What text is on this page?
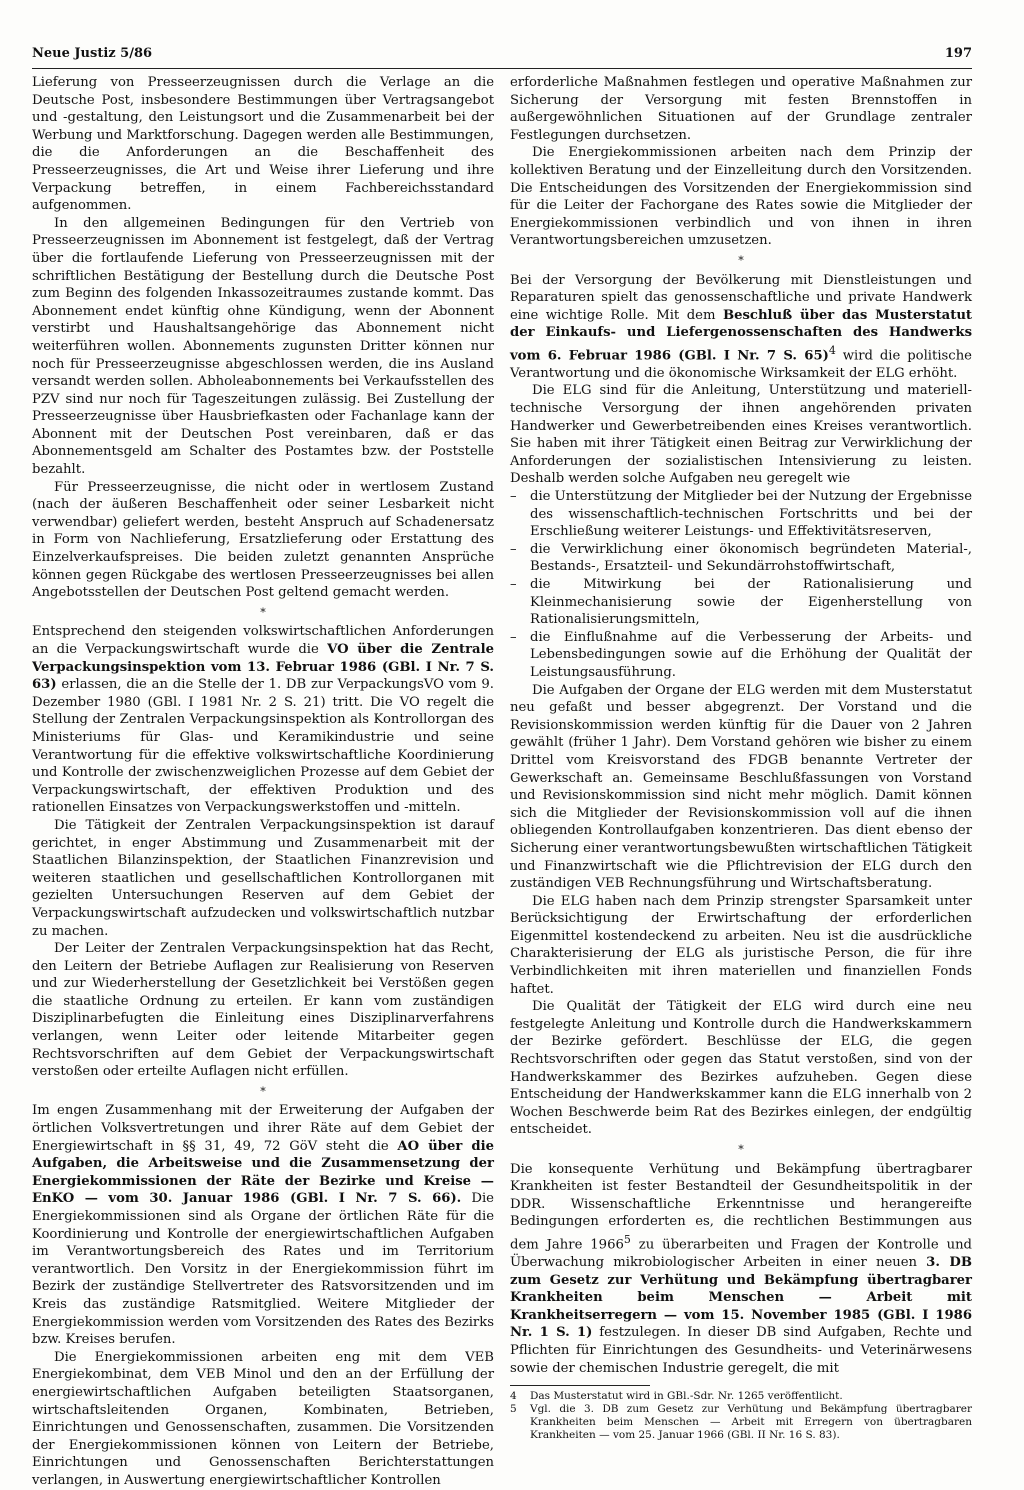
Neue Justiz 5/86	197

Lieferung von Presseerzeugnissen durch die Verlage an die Deutsche Post, insbesondere Bestimmungen über Vertragsangebot und -gestaltung, den Leistungsort und die Zusammenarbeit bei der Werbung und Marktforschung. Dagegen werden alle Bestimmungen, die die Anforderungen an die Beschaffenheit des Presseerzeugnisses, die Art und Weise ihrer Lieferung und ihre Verpackung betreffen, in einem Fachbereichsstandard aufgenommen.

In den allgemeinen Bedingungen für den Vertrieb von Presseerzeugnissen im Abonnement ist festgelegt, daß der Vertrag über die fortlaufende Lieferung von Presseerzeugnissen mit der schriftlichen Bestätigung der Bestellung durch die Deutsche Post zum Beginn des folgenden Inkassozeitraumes zustande kommt. Das Abonnement endet künftig ohne Kündigung, wenn der Abonnent verstirbt und Haushaltsangehörige das Abonnement nicht weiterführen wollen. Abonnements zugunsten Dritter können nur noch für Presseerzeugnisse abgeschlossen werden, die ins Ausland versandt werden sollen. Abholeabonnements bei Verkaufsstellen des PZV sind nur noch für Tageszeitungen zulässig. Bei Zustellung der Presseerzeugnisse über Hausbriefkasten oder Fachanlage kann der Abonnent mit der Deutschen Post vereinbaren, daß er das Abonnementsgeld am Schalter des Postamtes bzw. der Poststelle bezahlt.

Für Presseerzeugnisse, die nicht oder in wertlosem Zustand (nach der äußeren Beschaffenheit oder seiner Lesbarkeit nicht verwendbar) geliefert werden, besteht Anspruch auf Schadenersatz in Form von Nachlieferung, Ersatzlieferung oder Erstattung des Einzelverkaufspreises. Die beiden zuletzt genannten Ansprüche können gegen Rückgabe des wertlosen Presseerzeugnisses bei allen Angebotsstellen der Deutschen Post geltend gemacht werden.

*

Entsprechend den steigenden volkswirtschaftlichen Anforderungen an die Verpackungswirtschaft wurde die VO über die Zentrale Verpackungsinspektion vom 13. Februar 1986 (GBl. I Nr. 7 S. 63) erlassen, die an die Stelle der 1. DB zur VerpackungsVO vom 9. Dezember 1980 (GBl. I 1981 Nr. 2 S. 21) tritt. Die VO regelt die Stellung der Zentralen Verpackungsinspektion als Kontrollorgan des Ministeriums für Glas- und Keramikindustrie und seine Verantwortung für die effektive volkswirtschaftliche Koordinierung und Kontrolle der zwischenzweiglichen Prozesse auf dem Gebiet der Verpackungswirtschaft, der effektiven Produktion und des rationellen Einsatzes von Verpackungswerkstoffen und -mitteln.

Die Tätigkeit der Zentralen Verpackungsinspektion ist darauf gerichtet, in enger Abstimmung und Zusammenarbeit mit der Staatlichen Bilanzinspektion, der Staatlichen Finanzrevision und weiteren staatlichen und gesellschaftlichen Kontrollorganen mit gezielten Untersuchungen Reserven auf dem Gebiet der Verpackungswirtschaft aufzudecken und volkswirtschaftlich nutzbar zu machen.

Der Leiter der Zentralen Verpackungsinspektion hat das Recht, den Leitern der Betriebe Auflagen zur Realisierung von Reserven und zur Wiederherstellung der Gesetzlichkeit bei Verstößen gegen die staatliche Ordnung zu erteilen. Er kann vom zuständigen Disziplinarbefugten die Einleitung eines Disziplinarverfahrens verlangen, wenn Leiter oder leitende Mitarbeiter gegen Rechtsvorschriften auf dem Gebiet der Verpackungswirtschaft verstoßen oder erteilte Auflagen nicht erfüllen.

*

Im engen Zusammenhang mit der Erweiterung der Aufgaben der örtlichen Volksvertretungen und ihrer Räte auf dem Gebiet der Energiewirtschaft in §§ 31, 49, 72 GöV steht die AO über die Aufgaben, die Arbeitsweise und die Zusammensetzung der Energiekommissionen der Räte der Bezirke und Kreise — EnKO — vom 30. Januar 1986 (GBl. I Nr. 7 S. 66). Die Energiekommissionen sind als Organe der örtlichen Räte für die Koordinierung und Kontrolle der energiewirtschaftlichen Aufgaben im Verantwortungsbereich des Rates und im Territorium verantwortlich. Den Vorsitz in der Energiekommission führt im Bezirk der zuständige Stellvertreter des Ratsvorsitzenden und im Kreis das zuständige Ratsmitglied. Weitere Mitglieder der Energiekommission werden vom Vorsitzenden des Rates des Bezirks bzw. Kreises berufen.

Die Energiekommissionen arbeiten eng mit dem VEB Energiekombinat, dem VEB Minol und den an der Erfüllung der energiewirtschaftlichen Aufgaben beteiligten Staatsorganen, wirtschaftsleitenden Organen, Kombinaten, Betrieben, Einrichtungen und Genossenschaften, zusammen. Die Vorsitzenden der Energiekommissionen können von Leitern der Betriebe, Einrichtungen und Genossenschaften Berichterstattungen verlangen, in Auswertung energiewirtschaftlicher Kontrollen

erforderliche Maßnahmen festlegen und operative Maßnahmen zur Sicherung der Versorgung mit festen Brennstoffen in außergewöhnlichen Situationen auf der Grundlage zentraler Festlegungen durchsetzen.

Die Energiekommissionen arbeiten nach dem Prinzip der kollektiven Beratung und der Einzelleitung durch den Vorsitzenden. Die Entscheidungen des Vorsitzenden der Energiekommission sind für die Leiter der Fachorgane des Rates sowie die Mitglieder der Energiekommissionen verbindlich und von ihnen in ihren Verantwortungsbereichen umzusetzen.

*

Bei der Versorgung der Bevölkerung mit Dienstleistungen und Reparaturen spielt das genossenschaftliche und private Handwerk eine wichtige Rolle. Mit dem Beschluß über das Musterstatut der Einkaufs- und Liefergenossenschaften des Handwerks vom 6. Februar 1986 (GBl. I Nr. 7 S. 65)$^4$ wird die politische Verantwortung und die ökonomische Wirksamkeit der ELG erhöht.

Die ELG sind für die Anleitung, Unterstützung und materiell-technische Versorgung der ihnen angehörenden privaten Handwerker und Gewerbetreibenden eines Kreises verantwortlich. Sie haben mit ihrer Tätigkeit einen Beitrag zur Verwirklichung der Anforderungen der sozialistischen Intensivierung zu leisten. Deshalb werden solche Aufgaben neu geregelt wie

– die Unterstützung der Mitglieder bei der Nutzung der Ergebnisse des wissenschaftlich-technischen Fortschritts und bei der Erschließung weiterer Leistungs- und Effektivitätsreserven,
– die Verwirklichung einer ökonomisch begründeten Material-, Bestands-, Ersatzteil- und Sekundärrohstoffwirtschaft,
– die Mitwirkung bei der Rationalisierung und Kleinmechanisierung sowie der Eigenherstellung von Rationalisierungsmitteln,
– die Einflußnahme auf die Verbesserung der Arbeits- und Lebensbedingungen sowie auf die Erhöhung der Qualität der Leistungsausführung.

Die Aufgaben der Organe der ELG werden mit dem Musterstatut neu gefaßt und besser abgegrenzt. Der Vorstand und die Revisionskommission werden künftig für die Dauer von 2 Jahren gewählt (früher 1 Jahr). Dem Vorstand gehören wie bisher zu einem Drittel vom Kreisvorstand des FDGB benannte Vertreter der Gewerkschaft an. Gemeinsame Beschlußfassungen von Vorstand und Revisionskommission sind nicht mehr möglich. Damit können sich die Mitglieder der Revisionskommission voll auf die ihnen obliegenden Kontrollaufgaben konzentrieren. Das dient ebenso der Sicherung einer verantwortungsbewußten wirtschaftlichen Tätigkeit und Finanzwirtschaft wie die Pflichtrevision der ELG durch den zuständigen VEB Rechnungsführung und Wirtschaftsberatung.

Die ELG haben nach dem Prinzip strengster Sparsamkeit unter Berücksichtigung der Erwirtschaftung der erforderlichen Eigenmittel kostendeckend zu arbeiten. Neu ist die ausdrückliche Charakterisierung der ELG als juristische Person, die für ihre Verbindlichkeiten mit ihren materiellen und finanziellen Fonds haftet.

Die Qualität der Tätigkeit der ELG wird durch eine neu festgelegte Anleitung und Kontrolle durch die Handwerkskammern der Bezirke gefördert. Beschlüsse der ELG, die gegen Rechtsvorschriften oder gegen das Statut verstoßen, sind von der Handwerkskammer des Bezirkes aufzuheben. Gegen diese Entscheidung der Handwerkskammer kann die ELG innerhalb von 2 Wochen Beschwerde beim Rat des Bezirkes einlegen, der endgültig entscheidet.

*

Die konsequente Verhütung und Bekämpfung übertragbarer Krankheiten ist fester Bestandteil der Gesundheitspolitik in der DDR. Wissenschaftliche Erkenntnisse und herangereifte Bedingungen erforderten es, die rechtlichen Bestimmungen aus dem Jahre 1966$^5$ zu überarbeiten und Fragen der Kontrolle und Überwachung mikrobiologischer Arbeiten in einer neuen 3. DB zum Gesetz zur Verhütung und Bekämpfung übertragbarer Krankheiten beim Menschen — Arbeit mit Krankheitserregern — vom 15. November 1985 (GBl. I 1986 Nr. 1 S. 1) festzulegen. In dieser DB sind Aufgaben, Rechte und Pflichten für Einrichtungen des Gesundheits- und Veterinärwesens sowie der chemischen Industrie geregelt, die mit

4	Das Musterstatut wird in GBl.-Sdr. Nr. 1265 veröffentlicht.
5	Vgl. die 3. DB zum Gesetz zur Verhütung und Bekämpfung übertragbarer Krankheiten beim Menschen — Arbeit mit Erregern von übertragbaren Krankheiten — vom 25. Januar 1966 (GBl. II Nr. 16 S. 83).
